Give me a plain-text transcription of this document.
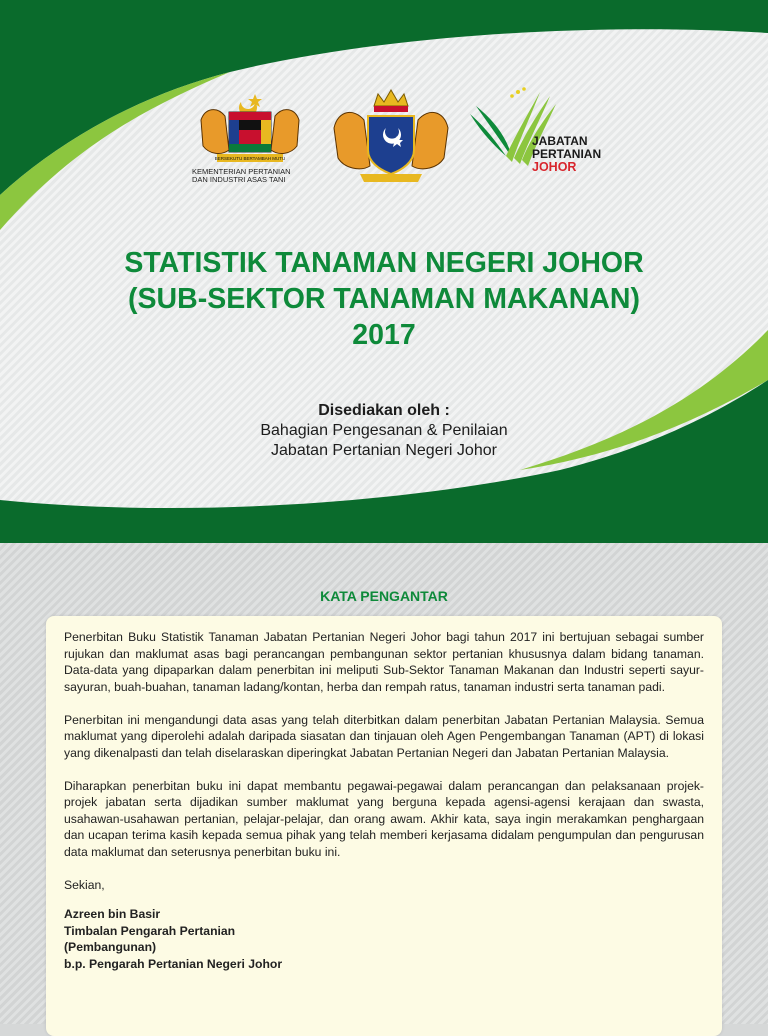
BERSEKUTU BERTAMBAH MUTU
KEMENTERIAN PERTANIAN
DAN INDUSTRI ASAS TANI
JABATAN
PERTANIAN
JOHOR
STATISTIK TANAMAN NEGERI JOHOR
(SUB-SEKTOR TANAMAN MAKANAN)
2017
Disediakan oleh :
Bahagian Pengesanan & Penilaian
Jabatan Pertanian Negeri Johor
KATA PENGANTAR

Penerbitan Buku Statistik Tanaman Jabatan Pertanian Negeri Johor bagi tahun 2017 ini bertujuan sebagai sumber rujukan dan maklumat asas bagi perancangan pembangunan sektor pertanian khususnya dalam bidang tanaman. Data-data yang dipaparkan dalam penerbitan ini meliputi Sub-Sektor Tanaman Makanan dan Industri seperti sayur-sayuran, buah-buahan, tanaman ladang/kontan, herba dan rempah ratus, tanaman industri serta tanaman padi.

Penerbitan ini mengandungi data asas yang telah diterbitkan dalam penerbitan Jabatan Pertanian Malaysia. Semua maklumat yang diperolehi adalah daripada siasatan dan tinjauan oleh Agen Pengembangan Tanaman (APT) di lokasi yang dikenalpasti dan telah diselaraskan diperingkat Jabatan Pertanian Negeri dan Jabatan Pertanian Malaysia.

Diharapkan penerbitan buku ini dapat membantu pegawai-pegawai dalam perancangan dan pelaksanaan projek-projek jabatan serta dijadikan sumber maklumat yang berguna kepada agensi-agensi kerajaan dan swasta, usahawan-usahawan pertanian, pelajar-pelajar, dan orang awam. Akhir kata, saya ingin merakamkan penghargaan dan ucapan terima kasih kepada semua pihak yang telah memberi kerjasama didalam pengumpulan dan pengurusan data maklumat dan seterusnya penerbitan buku ini.

Sekian,
Azreen bin Basir
Timbalan Pengarah Pertanian
(Pembangunan)
b.p. Pengarah Pertanian Negeri Johor
